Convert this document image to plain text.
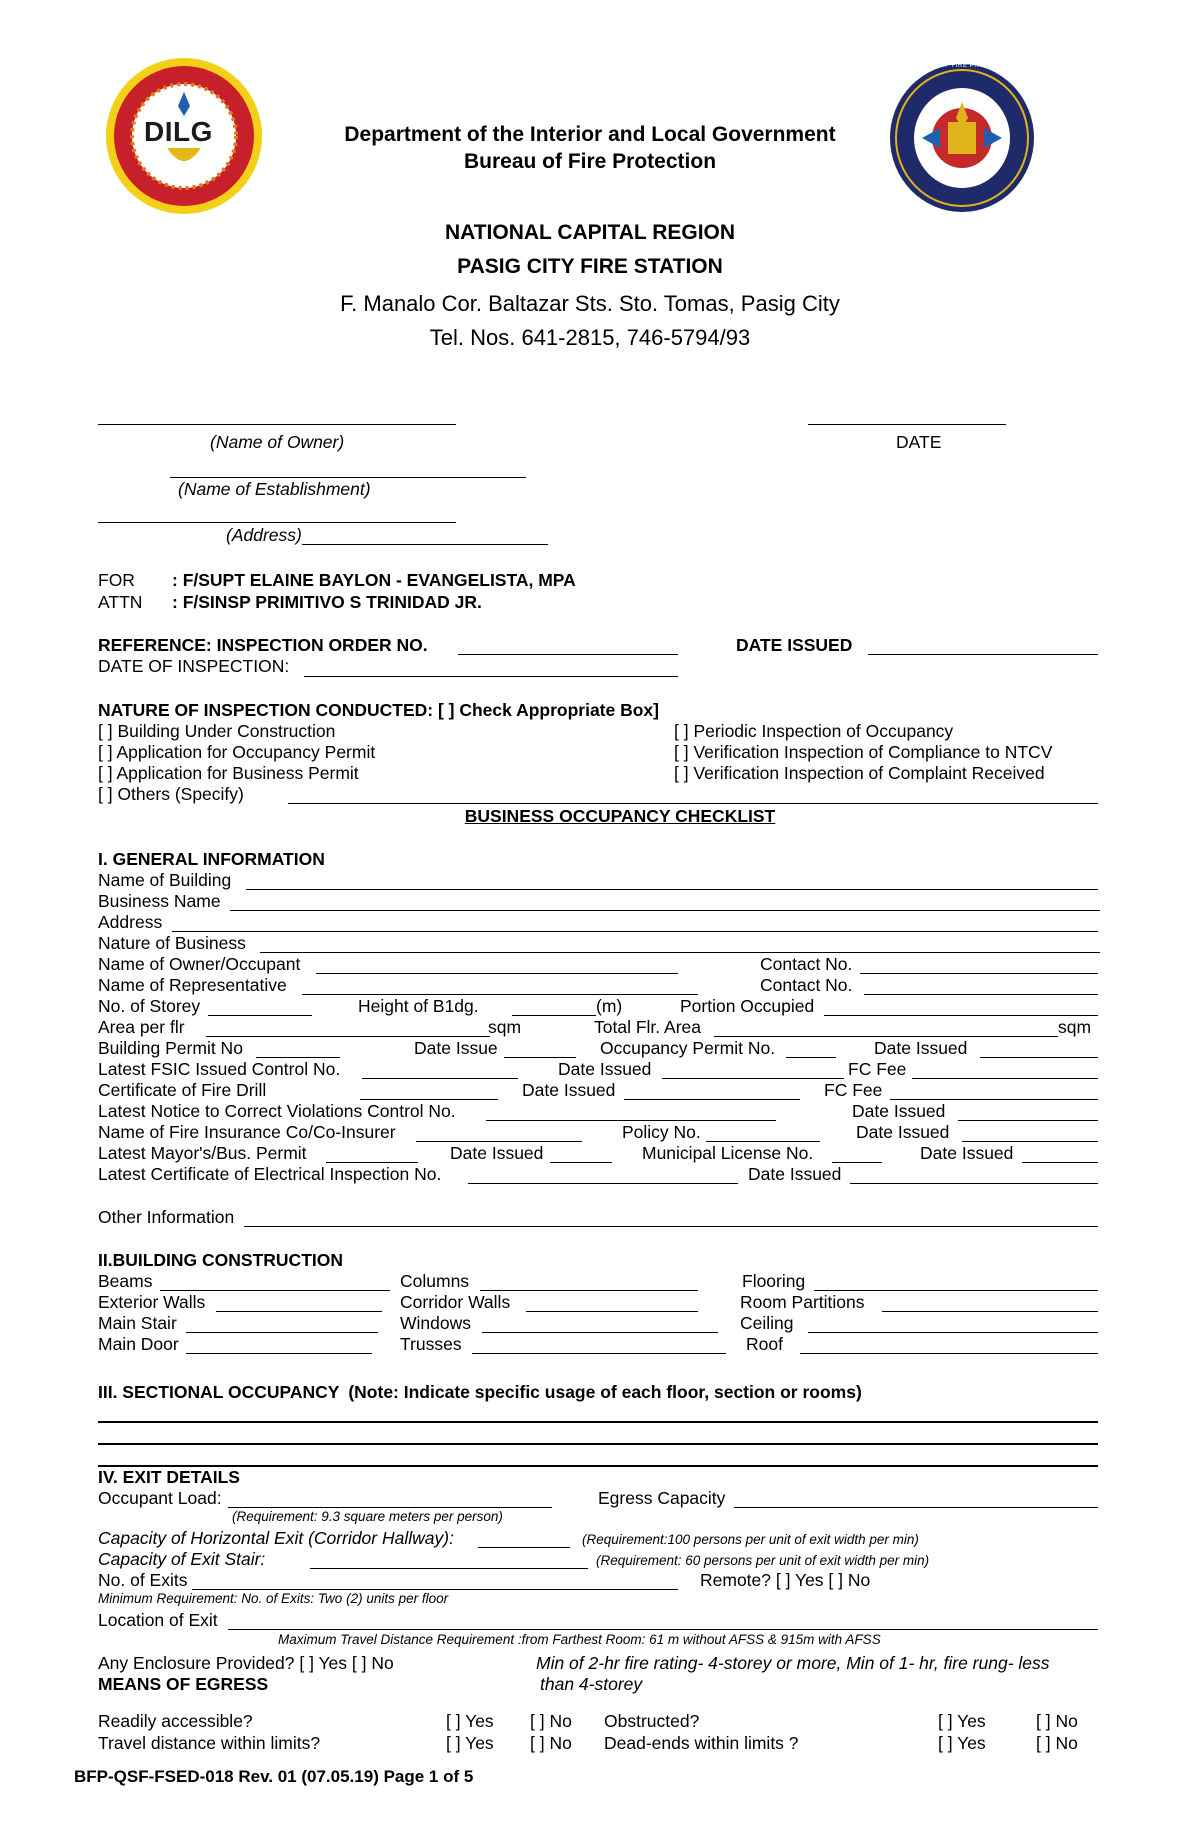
DILG
BUREAU OF FIRE PROTECTION
Department of the Interior and Local Government
Bureau of Fire Protection
NATIONAL CAPITAL REGION
PASIG CITY FIRE STATION
F. Manalo Cor. Baltazar Sts. Sto. Tomas, Pasig City
Tel. Nos. 641-2815, 746-5794/93
(Name of Owner)	DATE
(Name of Establishment)
(Address)
FOR : F/SUPT ELAINE BAYLON - EVANGELISTA, MPA
ATTN : F/SINSP PRIMITIVO S TRINIDAD JR.
REFERENCE: INSPECTION ORDER NO.	DATE ISSUED
DATE OF INSPECTION:
NATURE OF INSPECTION CONDUCTED: [ ] Check Appropriate Box]
[ ] Building Under Construction
[ ] Application for Occupancy Permit
[ ] Application for Business Permit
[ ] Others (Specify)
[ ] Periodic Inspection of Occupancy
[ ] Verification Inspection of Compliance to NTCV
[ ] Verification Inspection of Complaint Received
BUSINESS OCCUPANCY CHECKLIST
I. GENERAL INFORMATION
Name of Building
Business Name
Address
Nature of Business
Name of Owner/Occupant	Contact No.
Name of Representative	Contact No.
No. of Storey	Height of B1dg.	(m)	Portion Occupied
Area per flr	sqm	Total Flr. Area	sqm
Building Permit No	Date Issue	Occupancy Permit No.	Date Issued
Latest FSIC Issued Control No.	Date Issued	FC Fee
Certificate of Fire Drill	Date Issued	FC Fee
Latest Notice to Correct Violations Control No.	Date Issued
Name of Fire Insurance Co/Co-Insurer	Policy No.	Date Issued
Latest Mayor's/Bus. Permit	Date Issued	Municipal License No.	Date Issued
Latest Certificate of Electrical Inspection No.	Date Issued
Other Information
II.BUILDING CONSTRUCTION
Beams	Columns	Flooring
Exterior Walls	Corridor Walls	Room Partitions
Main Stair	Windows	Ceiling
Main Door	Trusses	Roof
III. SECTIONAL OCCUPANCY (Note: Indicate specific usage of each floor, section or rooms)
IV. EXIT DETAILS
Occupant Load:	Egress Capacity
(Requirement: 9.3 square meters per person)
Capacity of Horizontal Exit (Corridor Hallway):	(Requirement:100 persons per unit of exit width per min)
Capacity of Exit Stair:	(Requirement: 60 persons per unit of exit width per min)
No. of Exits	Remote? [ ] Yes [ ] No
Minimum Requirement: No. of Exits: Two (2) units per floor
Location of Exit
Maximum Travel Distance Requirement :from Farthest Room: 61 m without AFSS & 915m with AFSS
Any Enclosure Provided? [ ] Yes [ ] No	Min of 2-hr fire rating- 4-storey or more, Min of 1- hr, fire rung- less
than 4-storey
MEANS OF EGRESS
Readily accessible?	[ ] Yes [ ] No Obstructed?	[ ] Yes	[ ] No
Travel distance within limits?	[ ] Yes [ ] No Dead-ends within limits ?	[ ] Yes	[ ] No
BFP-QSF-FSED-018 Rev. 01 (07.05.19) Page 1 of 5
